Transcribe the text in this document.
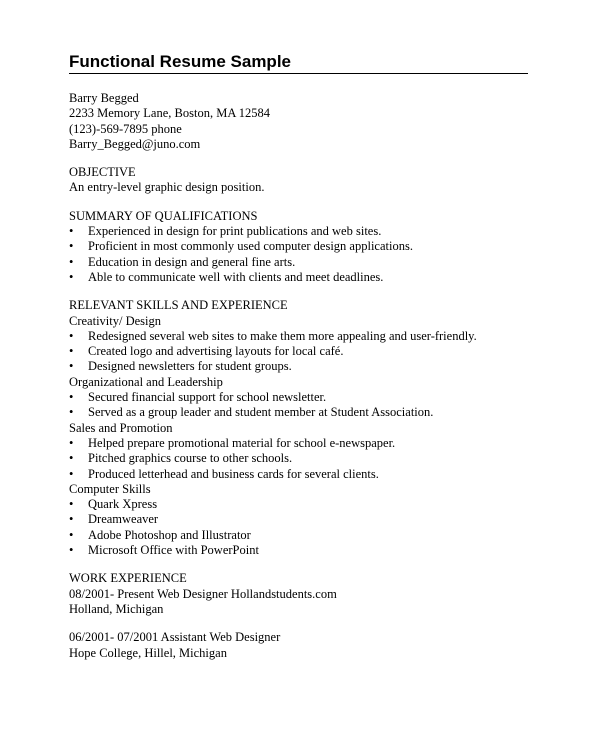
Functional Resume Sample
Barry Begged
2233 Memory Lane, Boston, MA 12584
(123)-569-7895 phone
Barry_Begged@juno.com
OBJECTIVE
An entry-level graphic design position.
SUMMARY OF QUALIFICATIONS
•	Experienced in design for print publications and web sites.
•	Proficient in most commonly used computer design applications.
•	Education in design and general fine arts.
•	Able to communicate well with clients and meet deadlines.
RELEVANT SKILLS AND EXPERIENCE
Creativity/ Design
•	Redesigned several web sites to make them more appealing and user-friendly.
•	Created logo and advertising layouts for local café.
•	Designed newsletters for student groups.
Organizational and Leadership
•	Secured financial support for school newsletter.
•	Served as a group leader and student member at Student Association.
Sales and Promotion
•	Helped prepare promotional material for school e-newspaper.
•	Pitched graphics course to other schools.
•	Produced letterhead and business cards for several clients.
Computer Skills
•	Quark Xpress
•	Dreamweaver
•	Adobe Photoshop and Illustrator
•	Microsoft Office with PowerPoint
WORK EXPERIENCE
08/2001- Present Web Designer Hollandstudents.com
Holland, Michigan
06/2001- 07/2001 Assistant Web Designer
Hope College, Hillel, Michigan
